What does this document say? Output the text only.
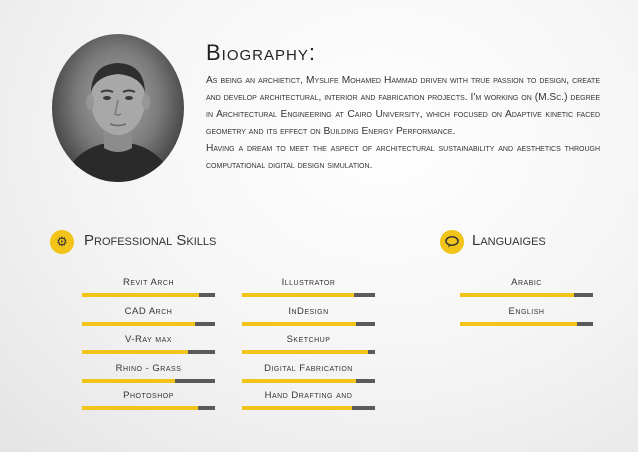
Biography:

As being an archietict, Myslife Mohamed Hammad driven with true passion to design, create and develop architectural, interior and fabrication projects. I'm working on (M.Sc.) degree in Architectural Engineering at Cairo University, which focused on Adaptive kinetic faced geometry and its effect on Building Energy Performance.

Having a dream to meet the aspect of architectural sustainability and aesthetics through computational digital design simulation.

⚙	Professional Skills	Languaiges
Revit Arch
CAD Arch
V-Ray max
Rhino - Grass
Photoshop
Illustrator
InDesign
Sketchup
Digital Fabrication
Hand Drafting and
Arabic
English
